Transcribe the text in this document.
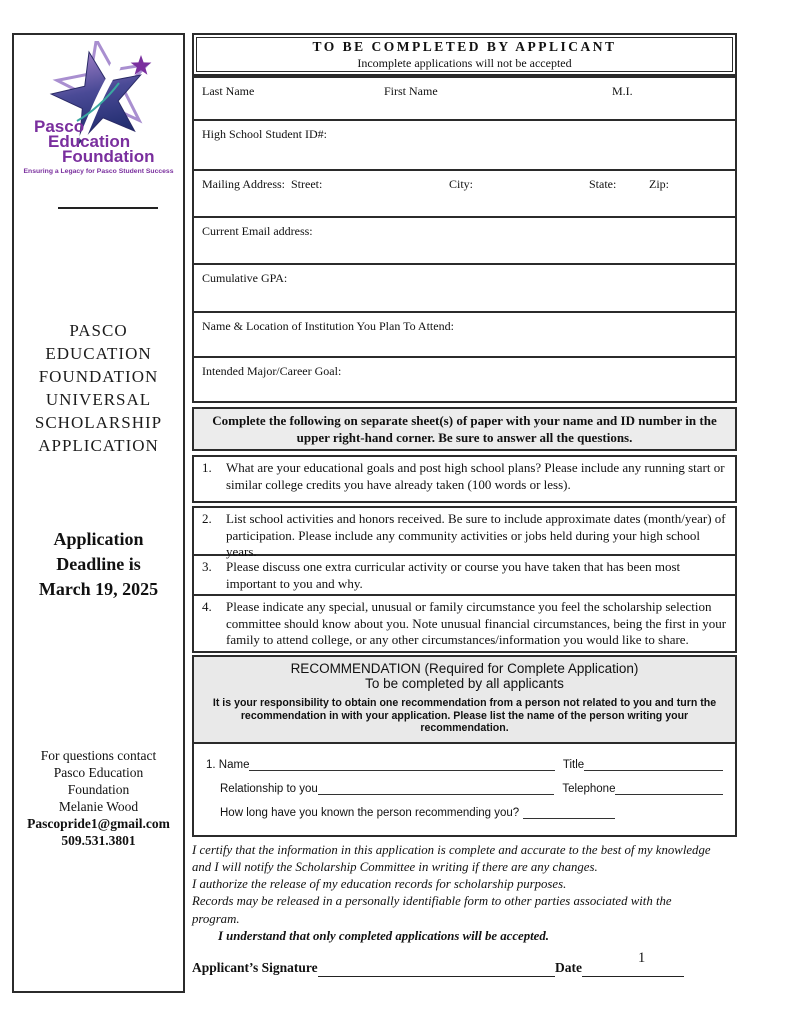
Pasco
Education
Foundation
Ensuring a Legacy for Pasco Student Success
PASCO
EDUCATION
FOUNDATION
UNIVERSAL
SCHOLARSHIP
APPLICATION
Application
Deadline is
March 19, 2025
For questions contact
Pasco Education
Foundation
Melanie Wood
Pascopride1@gmail.com
509.531.3801
TO BE COMPLETED BY APPLICANT
Incomplete applications will not be accepted
Last Name	First Name	M.I.
High School Student ID#:
Mailing Address:  Street:	City:	State:	Zip:
Current Email address:
Cumulative GPA:
Name & Location of Institution You Plan To Attend:
Intended Major/Career Goal:
Complete the following on separate sheet(s) of paper with your name and ID number in the upper right-hand corner. Be sure to answer all the questions.
1.	What are your educational goals and post high school plans? Please include any running start or similar college credits you have already taken (100 words or less).
2.	List school activities and honors received. Be sure to include approximate dates (month/year) of participation. Please include any community activities or jobs held during your high school years.
3.	Please discuss one extra curricular activity or course you have taken that has been most important to you and why.
4.	Please indicate any special, unusual or family circumstance you feel the scholarship selection committee should know about you. Note unusual financial circumstances, being the first in your family to attend college, or any other circumstances/information you would like to share.
RECOMMENDATION (Required for Complete Application)
To be completed by all applicants
It is your responsibility to obtain one recommendation from a person not related to you and turn the recommendation in with your application. Please list the name of the person writing your recommendation.
1. Name	Title
Relationship to you	Telephone
How long have you known the person recommending you?
I certify that the information in this application is complete and accurate to the best of my knowledge and I will notify the Scholarship Committee in writing if there are any changes.
I authorize the release of my education records for scholarship purposes.
Records may be released in a personally identifiable form to other parties associated with the program.
I understand that only completed applications will be accepted.
Applicant’s Signature	Date
1
